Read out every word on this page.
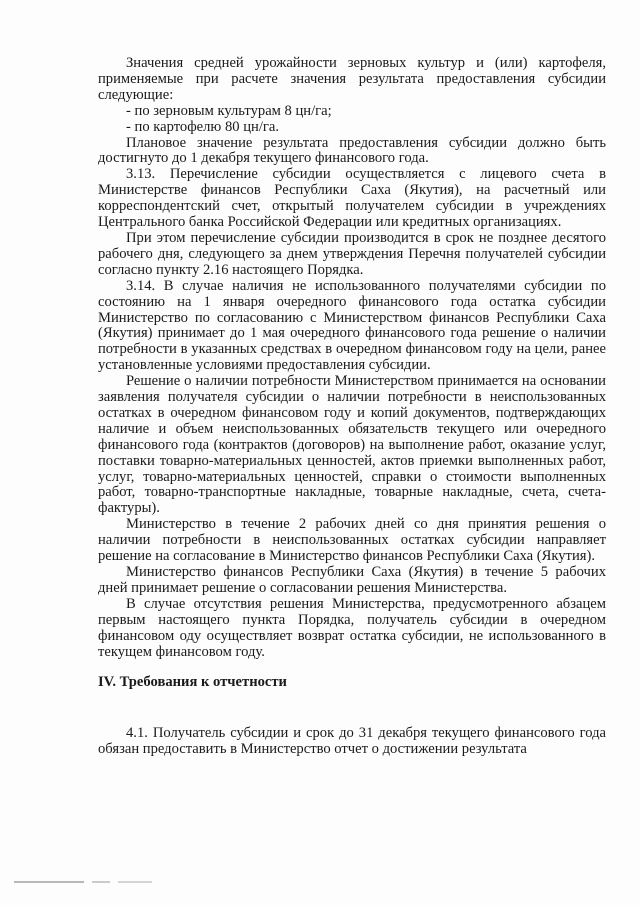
Значения средней урожайности зерновых культур и (или) картофеля, применяемые при расчете значения результата предоставления субсидии следующие:

- по зерновым культурам 8 цн/га;

- по картофелю 80 цн/га.

Плановое значение результата предоставления субсидии должно быть достигнуто до 1 декабря текущего финансового года.

3.13. Перечисление субсидии осуществляется с лицевого счета в Министерстве финансов Республики Саха (Якутия), на расчетный или корреспондентский счет, открытый получателем субсидии в учреждениях Центрального банка Российской Федерации или кредитных организациях.

При этом перечисление субсидии производится в срок не позднее десятого рабочего дня, следующего за днем утверждения Перечня получателей субсидии согласно пункту 2.16 настоящего Порядка.

3.14. В случае наличия не использованного получателями субсидии по состоянию на 1 января очередного финансового года остатка субсидии Министерство по согласованию с Министерством финансов Республики Саха (Якутия) принимает до 1 мая очередного финансового года решение о наличии потребности в указанных средствах в очередном финансовом году на цели, ранее установленные условиями предоставления субсидии.

Решение о наличии потребности Министерством принимается на основании заявления получателя субсидии о наличии потребности в неиспользованных остатках в очередном финансовом году и копий документов, подтверждающих наличие и объем неиспользованных обязательств текущего или очередного финансового года (контрактов (договоров) на выполнение работ, оказание услуг, поставки товарно-материальных ценностей, актов приемки выполненных работ, услуг, товарно-материальных ценностей, справки о стоимости выполненных работ, товарно-транспортные накладные, товарные накладные, счета, счета-фактуры).

Министерство в течение 2 рабочих дней со дня принятия решения о наличии потребности в неиспользованных остатках субсидии направляет решение на согласование в Министерство финансов Республики Саха (Якутия).

Министерство финансов Республики Саха (Якутия) в течение 5 рабочих дней принимает решение о согласовании решения Министерства.

В случае отсутствия решения Министерства, предусмотренного абзацем первым настоящего пункта Порядка, получатель субсидии в очередном финансовом оду осуществляет возврат остатка субсидии, не использованного в текущем финансовом году.

IV. Требования к отчетности

4.1. Получатель субсидии и срок до 31 декабря текущего финансового года обязан предоставить в Министерство отчет о достижении результата
